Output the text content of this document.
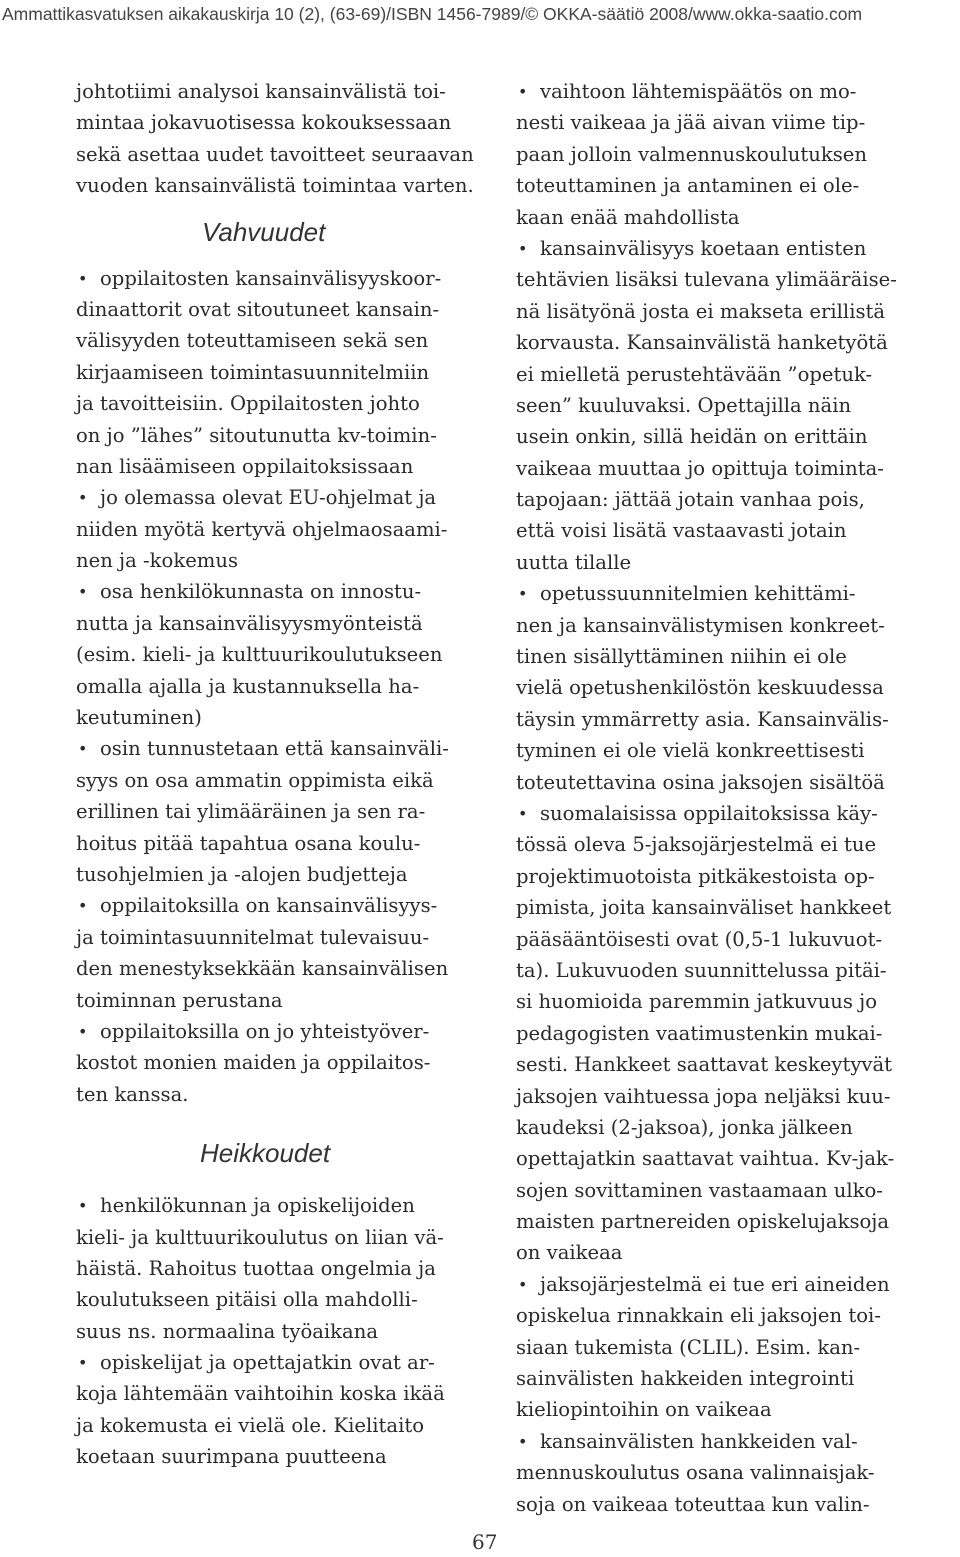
Ammattikasvatuksen aikakauskirja 10 (2), (63-69)/ISBN 1456-7989/© OKKA-säätiö 2008/www.okka-saatio.com
johtotiimi analysoi kansainvälistä toi-
mintaa jokavuotisessa kokouksessaan
sekä asettaa uudet tavoitteet seuraavan
vuoden kansainvälistä toimintaa varten.
Vahvuudet
• oppilaitosten kansainvälisyyskoor-
dinaattorit ovat sitoutuneet kansain-
välisyyden toteuttamiseen sekä sen
kirjaamiseen toimintasuunnitelmiin
ja tavoitteisiin. Oppilaitosten johto
on jo ”lähes” sitoutunutta kv-toimin-
nan lisäämiseen oppilaitoksissaan
• jo olemassa olevat EU-ohjelmat ja
niiden myötä kertyvä ohjelmaosaami-
nen ja -kokemus
• osa henkilökunnasta on innostu-
nutta ja kansainvälisyysmyönteistä
(esim. kieli- ja kulttuurikoulutukseen
omalla ajalla ja kustannuksella ha-
keutuminen)
• osin tunnustetaan että kansainväli-
syys on osa ammatin oppimista eikä
erillinen tai ylimääräinen ja sen ra-
hoitus pitää tapahtua osana koulu-
tusohjelmien ja -alojen budjetteja
• oppilaitoksilla on kansainvälisyys-
ja toimintasuunnitelmat tulevaisuu-
den menestyksekkään kansainvälisen
toiminnan perustana
• oppilaitoksilla on jo yhteistyöver-
kostot monien maiden ja oppilaitos-
ten kanssa.
Heikkoudet
• henkilökunnan ja opiskelijoiden
kieli- ja kulttuurikoulutus on liian vä-
häistä. Rahoitus tuottaa ongelmia ja
koulutukseen pitäisi olla mahdolli-
suus ns. normaalina työaikana
• opiskelijat ja opettajatkin ovat ar-
koja lähtemään vaihtoihin koska ikää
ja kokemusta ei vielä ole. Kielitaito
koetaan suurimpana puutteena
• vaihtoon lähtemispäätös on mo-
nesti vaikeaa ja jää aivan viime tip-
paan jolloin valmennuskoulutuksen
toteuttaminen ja antaminen ei ole-
kaan enää mahdollista
• kansainvälisyys koetaan entisten
tehtävien lisäksi tulevana ylimääräise-
nä lisätyönä josta ei makseta erillistä
korvausta. Kansainvälistä hanketyötä
ei mielletä perustehtävään ”opetuk-
seen” kuuluvaksi. Opettajilla näin
usein onkin, sillä heidän on erittäin
vaikeaa muuttaa jo opittuja toiminta-
tapojaan: jättää jotain vanhaa pois,
että voisi lisätä vastaavasti jotain
uutta tilalle
• opetussuunnitelmien kehittämi-
nen ja kansainvälistymisen konkreet-
tinen sisällyttäminen niihin ei ole
vielä opetushenkilöstön keskuudessa
täysin ymmärretty asia. Kansainvälis-
tyminen ei ole vielä konkreettisesti
toteutettavina osina jaksojen sisältöä
• suomalaisissa oppilaitoksissa käy-
tössä oleva 5-jaksojärjestelmä ei tue
projektimuotoista pitkäkestoista op-
pimista, joita kansainväliset hankkeet
pääsääntöisesti ovat (0,5-1 lukuvuot-
ta). Lukuvuoden suunnittelussa pitäi-
si huomioida paremmin jatkuvuus jo
pedagogisten vaatimustenkin mukai-
sesti. Hankkeet saattavat keskeytyvät
jaksojen vaihtuessa jopa neljäksi kuu-
kaudeksi (2-jaksoa), jonka jälkeen
opettajatkin saattavat vaihtua. Kv-jak-
sojen sovittaminen vastaamaan ulko-
maisten partnereiden opiskelujaksoja
on vaikeaa
• jaksojärjestelmä ei tue eri aineiden
opiskelua rinnakkain eli jaksojen toi-
siaan tukemista (CLIL). Esim. kan-
sainvälisten hakkeiden integrointi
kieliopintoihin on vaikeaa
• kansainvälisten hankkeiden val-
mennuskoulutus osana valinnaisjak-
soja on vaikeaa toteuttaa kun valin-
67
